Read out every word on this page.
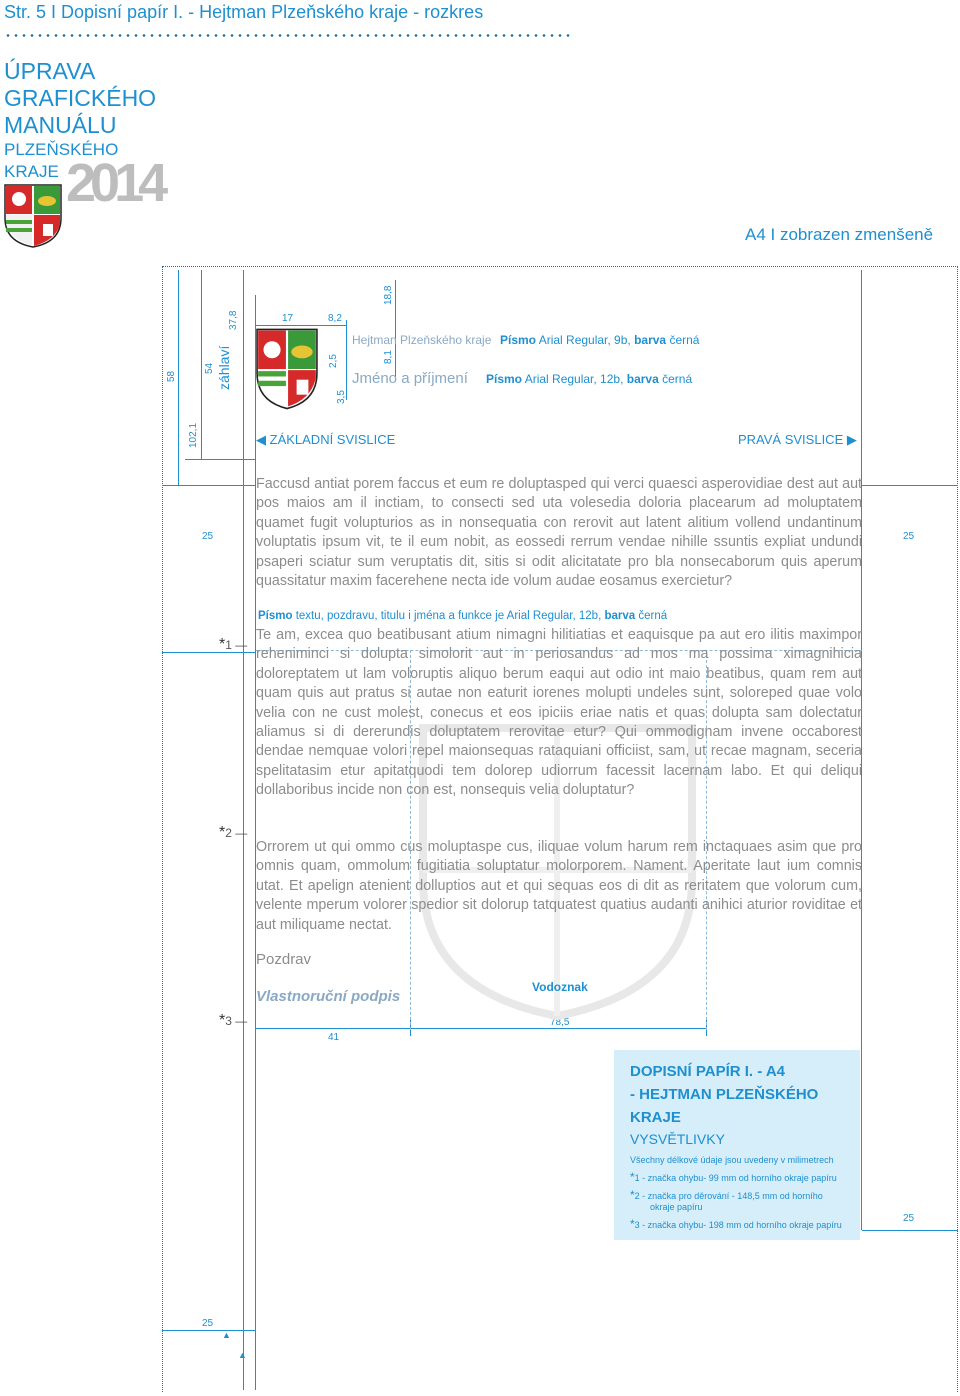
Str. 5 I Dopisní papír I. - Hejtman Plzeňského kraje - rozkres
ÚPRAVA
GRAFICKÉHO
MANUÁLU
PLZEŇSKÉHO
KRAJE 2014
A4 I zobrazen zmenšeně
58
54 záhlaví
37,8
102,1
17	8,2
18,8
2,5	8,1
3,5
25	25
25
25
41
78,5
▲
▲
Hejtman Plzeňského kraje Písmo Arial Regular, 9b, barva černá
Jméno a příjmení Písmo Arial Regular, 12b, barva černá
◀ ZÁKLADNÍ SVISLICE	PRAVÁ SVISLICE ▶

Faccusd antiat porem faccus et eum re doluptasped qui verci quaesci asperovidiae dest aut aut pos maios am il inctiam, to consecti sed uta volesedia doloria placearum ad moluptatem quamet fugit volupturios as in nonsequatia con rerovit aut latent alitium vollend undantinum voluptatis ipsum vit, te il eum nobit, as eossedi rerrum vendae nihille ssuntis expliat undundi psaperi sciatur sum veruptatis dit, sitis si odit alicitatate pro bla nonsecaborum quis aperum quassitatur maxim facerehene necta ide volum audae eosamus exercietur?

Písmo textu, pozdravu, titulu i jména a funkce je Arial Regular, 12b, barva černá

Te am, excea quo beatibusant atium nimagni hilitiatias et eaquisque pa aut ero ilitis maximpor reheniminci si dolupta simolorit aut in periosandus ad mos ma possima ximagnihicia doloreptatem ut lam voloruptis aliquo berum eaqui aut odio int maio beatibus, quam rem aut quam quis aut pratus si autae non eaturit iorenes molupti undeles sunt, soloreped quae volo velia con ne cust molest, conecus et eos ipiciis eriae natis et quas dolupta sam dolectatur aliamus si di dererundis doluptatem rerovitae etur? Qui ommodignam invene occaborest dendae nemquae volori repel maionsequas rataquiani officiist, sam, ut recae magnam, seceria spelitatasim etur apitatquodi tem dolorep udiorrum facessit lacernam labo. Et qui deliqui dollaboribus incide non con est, nonsequis velia doluptatur?

Orrorem ut qui ommo cus moluptaspe cus, iliquae volum harum rem inctaquaes asim que pro omnis quam, ommolum fugitiatia soluptatur molorporem. Nament. Aperitate laut ium comnis utat. Et apelign atenient dolluptios aut et qui sequas eos di dit as reritatem que volorum cum, velente mperum volorer spedior sit dolorup tatquatest quatius audanti anihici aturior roviditae et aut miliquame nectat.

Pozdrav
Vlastnoruční podpis
Vodoznak
*1 —
*2 —
*3 —
DOPISNÍ PAPÍR I. - A4
- HEJTMAN PLZEŇSKÉHO
KRAJE
VYSVĚTLIVKY
Všechny délkové údaje jsou uvedeny v milimetrech
*1 - značka ohybu- 99 mm od horního okraje papíru
*2 - značka pro děrování - 148,5 mm od horního
okraje papíru
*3 - značka ohybu- 198 mm od horního okraje papíru
